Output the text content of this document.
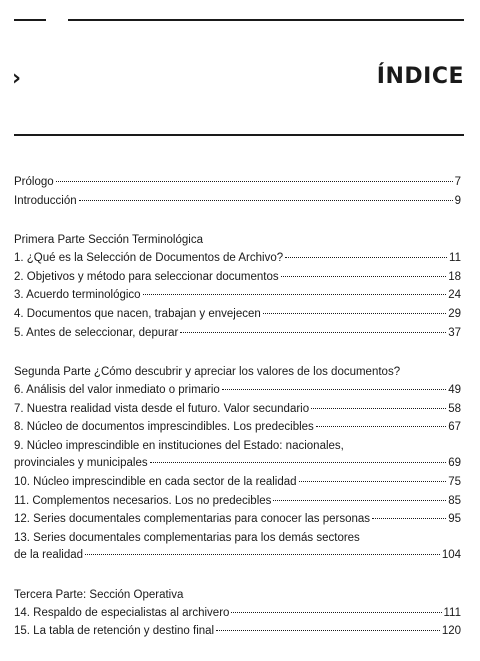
›	ÍNDICE
Prólogo	7
Introducción	9
Primera Parte Sección Terminológica
1. ¿Qué es la Selección de Documentos de Archivo?	11
2. Objetivos y método para seleccionar documentos	18
3. Acuerdo terminológico	24
4. Documentos que nacen, trabajan y envejecen	29
5. Antes de seleccionar, depurar	37
Segunda Parte ¿Cómo descubrir y apreciar los valores de los documentos?
6. Análisis del valor inmediato o primario	49
7. Nuestra realidad vista desde el futuro. Valor secundario	58
8. Núcleo de documentos imprescindibles. Los predecibles	67
9. Núcleo imprescindible en instituciones del Estado: nacionales,
provinciales y municipales	69
10. Núcleo imprescindible en cada sector de la realidad	75
11. Complementos necesarios. Los no predecibles	85
12. Series documentales complementarias para conocer las personas	95
13. Series documentales complementarias para los demás sectores
de la realidad	104
Tercera Parte: Sección Operativa
14. Respaldo de especialistas al archivero	111
15. La tabla de retención y destino final	120
